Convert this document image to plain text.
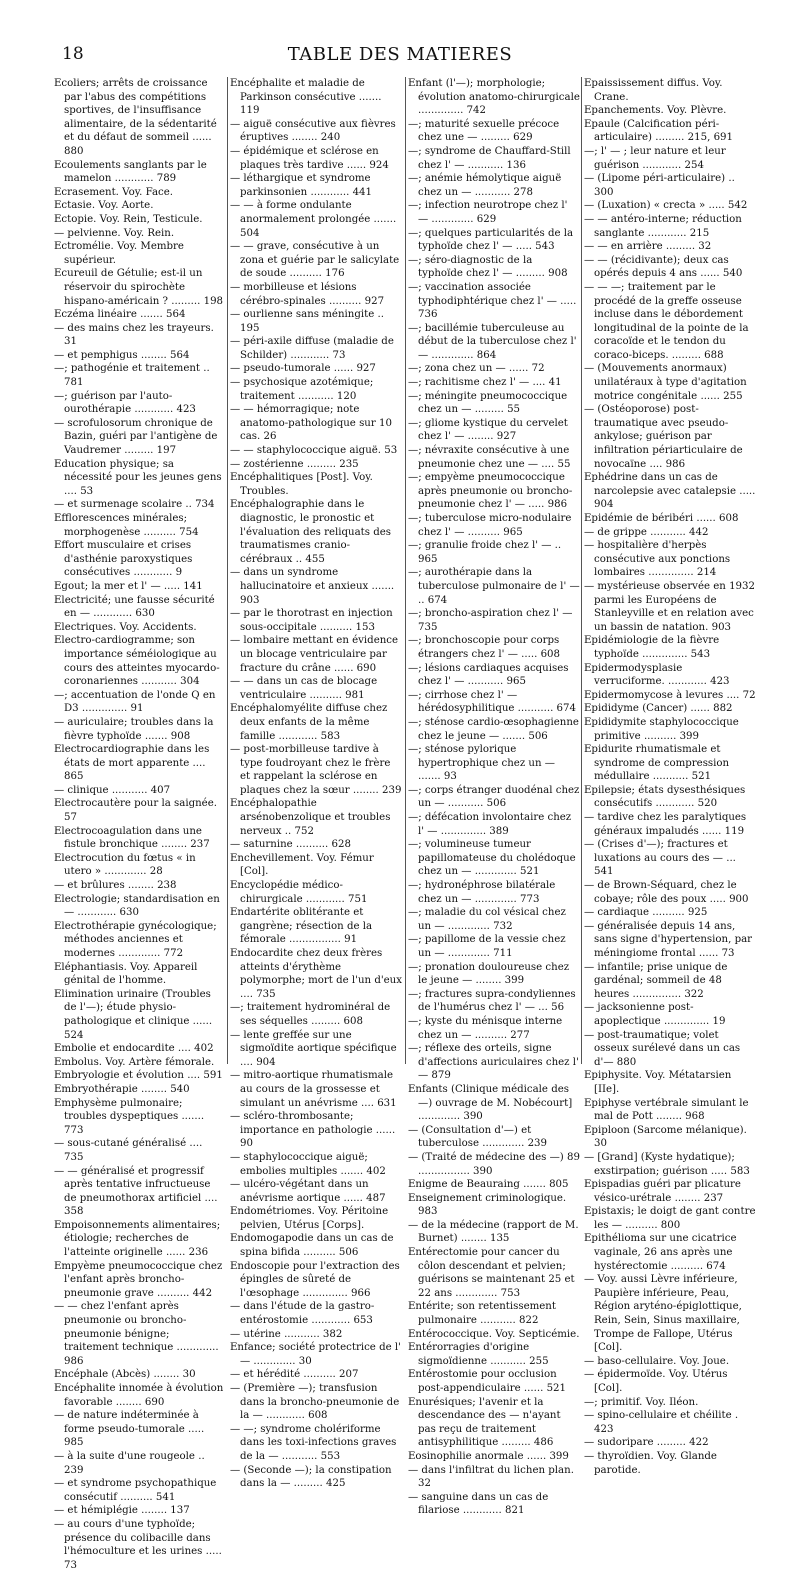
18	TABLE DES MATIERES

Ecoliers; arrêts de croissance par l'abus des compétitions sportives, de l'insuffisance alimentaire, de la sédentarité et du défaut de sommeil ...... 880

Ecoulements sanglants par le mamelon ............ 789

Ecrasement. Voy. Face.

Ectasie. Voy. Aorte.

Ectopie. Voy. Rein, Testicule.

— pelvienne. Voy. Rein.

Ectromélie. Voy. Membre supérieur.

Ecureuil de Gétulie; est-il un réservoir du spirochète hispano-américain ? ......... 198

Eczéma linéaire ....... 564

— des mains chez les trayeurs. 31

— et pemphigus ........ 564

—; pathogénie et traitement .. 781

—; guérison par l'auto-ourothérapie ............ 423

— scrofulosorum chronique de Bazin, guéri par l'antigène de Vaudremer ......... 197

Education physique; sa nécessité pour les jeunes gens .... 53

— et surmenage scolaire .. 734

Efflorescences minérales; morphogenèse .......... 754

Effort musculaire et crises d'asthénie paroxystiques consécutives ............ 9

Egout; la mer et l' — ..... 141

Electricité; une fausse sécurité en — ............ 630

Electriques. Voy. Accidents.

Electro-cardiogramme; son importance séméiologique au cours des atteintes myocardo-coronariennes ........... 304

—; accentuation de l'onde Q en D3 .............. 91

— auriculaire; troubles dans la fièvre typhoïde ....... 908

Electrocardiographie dans les états de mort apparente .... 865

— clinique ........... 407

Electrocautère pour la saignée. 57

Electrocoagulation dans une fistule bronchique ........ 237

Electrocution du fœtus « in utero » ............. 28

— et brûlures ........ 238

Electrologie; standardisation en — ............ 630

Electrothérapie gynécologique; méthodes anciennes et modernes ............. 772

Eléphantiasis. Voy. Appareil génital de l'homme.

Elimination urinaire (Troubles de l'—); étude physio-pathologique et clinique ...... 524

Embolie et endocardite .... 402

Embolus. Voy. Artère fémorale.

Embryologie et évolution .... 591

Embryothérapie ........ 540

Emphysème pulmonaire; troubles dyspeptiques ....... 773

— sous-cutané généralisé .... 735

— — généralisé et progressif après tentative infructueuse de pneumothorax artificiel .... 358

Empoisonnements alimentaires; étiologie; recherches de l'atteinte originelle ...... 236

Empyème pneumococcique chez l'enfant après broncho-pneumonie grave .......... 442

— — chez l'enfant après pneumonie ou broncho-pneumonie bénigne; traitement technique ............. 986

Encéphale (Abcès) ........ 30

Encéphalite innomée à évolution favorable ........ 690

— de nature indéterminée à forme pseudo-tumorale ..... 985

— à la suite d'une rougeole .. 239

— et syndrome psychopathique consécutif .......... 541

— et hémiplégie ........ 137

— au cours d'une typhoïde; présence du colibacille dans l'hémoculture et les urines ..... 73

Encéphalite et maladie de Parkinson consécutive ....... 119

— aiguë consécutive aux fièvres éruptives ........ 240

— épidémique et sclérose en plaques très tardive ...... 924

— léthargique et syndrome parkinsonien ............ 441

— — à forme ondulante anormalement prolongée ....... 504

— — grave, consécutive à un zona et guérie par le salicylate de soude .......... 176

— morbilleuse et lésions cérébro-spinales .......... 927

— ourlienne sans méningite .. 195

— péri-axile diffuse (maladie de Schilder) ............ 73

— pseudo-tumorale ...... 927

— psychosique azotémique; traitement ........... 120

— — hémorragique; note anatomo-pathologique sur 10 cas. 26

— — staphylococcique aiguë. 53

— zostérienne ......... 235

Encéphalitiques [Post]. Voy. Troubles.

Encéphalographie dans le diagnostic, le pronostic et l'évaluation des reliquats des traumatismes cranio-cérébraux .. 455

— dans un syndrome hallucinatoire et anxieux ....... 903

— par le thorotrast en injection sous-occipitale .......... 153

— lombaire mettant en évidence un blocage ventriculaire par fracture du crâne ...... 690

— — dans un cas de blocage ventriculaire .......... 981

Encéphalomyélite diffuse chez deux enfants de la même famille ............ 583

— post-morbilleuse tardive à type foudroyant chez le frère et rappelant la sclérose en plaques chez la sœur ........ 239

Encéphalopathie arsénobenzolique et troubles nerveux .. 752

— saturnine .......... 628

Enchevillement. Voy. Fémur [Col].

Encyclopédie médico-chirurgicale ............ 751

Endartérite oblitérante et gangrène; résection de la fémorale ................ 91

Endocardite chez deux frères atteints d'érythème polymorphe; mort de l'un d'eux .... 735

—; traitement hydrominéral de ses séquelles ......... 608

— lente greffée sur une sigmoïdite aortique spécifique .... 904

— mitro-aortique rhumatismale au cours de la grossesse et simulant un anévrisme .... 631

— scléro-thrombosante; importance en pathologie ...... 90

— staphylococcique aiguë; embolies multiples ....... 402

— ulcéro-végétant dans un anévrisme aortique ...... 487

Endométriomes. Voy. Péritoine pelvien, Utérus [Corps].

Endomogapodie dans un cas de spina bifida .......... 506

Endoscopie pour l'extraction des épingles de sûreté de l'œsophage .............. 966

— dans l'étude de la gastro-entérostomie ............ 653

— utérine ........... 382

Enfance; société protectrice de l' — ............. 30

— et hérédité .......... 207

— (Première —); transfusion dans la broncho-pneumonie de la — ............ 608

— —; syndrome cholériforme dans les toxi-infections graves de la — ........... 553

— (Seconde —); la constipation dans la — ......... 425

Enfant (l'—); morphologie; évolution anatomo-chirurgicale .............. 742

—; maturité sexuelle précoce chez une — ......... 629

—; syndrome de Chauffard-Still chez l' — ........... 136

—; anémie hémolytique aiguë chez un — ........... 278

—; infection neurotrope chez l' — ............. 629

—; quelques particularités de la typhoïde chez l' — ..... 543

—; séro-diagnostic de la typhoïde chez l' — ......... 908

—; vaccination associée typhodiphtérique chez l' — ..... 736

—; bacillémie tuberculeuse au début de la tuberculose chez l' — ............. 864

—; zona chez un — ...... 72

—; rachitisme chez l' — .... 41

—; méningite pneumococcique chez un — ......... 55

—; gliome kystique du cervelet chez l' — ........ 927

—; névraxite consécutive à une pneumonie chez une — .... 55

—; empyème pneumococcique après pneumonie ou broncho-pneumonie chez l' — ..... 986

—; tuberculose micro-nodulaire chez l' — .......... 965

—; granulie froide chez l' — .. 965

—; aurothérapie dans la tuberculose pulmonaire de l' — .. 674

—; broncho-aspiration chez l' — 735

—; bronchoscopie pour corps étrangers chez l' — ..... 608

—; lésions cardiaques acquises chez l' — ........... 965

—; cirrhose chez l' — hérédosyphilitique ........... 674

—; sténose cardio-œsophagienne chez le jeune — ....... 506

—; sténose pylorique hypertrophique chez un — ....... 93

—; corps étranger duodénal chez un — ........... 506

—; défécation involontaire chez l' — .............. 389

—; volumineuse tumeur papillomateuse du cholédoque chez un — ............. 521

—; hydronéphrose bilatérale chez un — ............. 773

—; maladie du col vésical chez un — ............. 732

—; papillome de la vessie chez un — ............. 711

—; pronation douloureuse chez le jeune — ........ 399

—; fractures supra-condyliennes de l'humérus chez l' — ... 56

—; kyste du ménisque interne chez un — .......... 277

—; réflexe des orteils, signe d'affections auriculaires chez l' — 879

Enfants (Clinique médicale des —) ouvrage de M. Nobécourt] ............. 390

— (Consultation d'—) et tuberculose ............. 239

— (Traité de médecine des —) 89 ................ 390

Enigme de Beauraing ....... 805

Enseignement criminologique. 983

— de la médecine (rapport de M. Burnet) ........ 135

Entérectomie pour cancer du côlon descendant et pelvien; guérisons se maintenant 25 et 22 ans ............. 753

Entérite; son retentissement pulmonaire ........... 822

Entérococcique. Voy. Septicémie.

Entérorragies d'origine sigmoïdienne ........... 255

Entérostomie pour occlusion post-appendiculaire ...... 521

Enurésiques; l'avenir et la descendance des — n'ayant pas reçu de traitement antisyphilitique ......... 486

Eosinophilie anormale ...... 399

— dans l'infiltrat du lichen plan. 32

— sanguine dans un cas de filariose ............ 821

Epaississement diffus. Voy. Crane.

Epanchements. Voy. Plèvre.

Epaule (Calcification péri-articulaire) ......... 215, 691

—; l' — ; leur nature et leur guérison ............ 254

— (Lipome péri-articulaire) .. 300

— (Luxation) « crecta » ..... 542

— — antéro-interne; réduction sanglante ............ 215

— — en arrière ......... 32

— — (récidivante); deux cas opérés depuis 4 ans ...... 540

— — —; traitement par le procédé de la greffe osseuse incluse dans le débordement longitudinal de la pointe de la coracoïde et le tendon du coraco-biceps. ......... 688

— (Mouvements anormaux) unilatéraux à type d'agitation motrice congénitale ...... 255

— (Ostéoporose) post-traumatique avec pseudo-ankylose; guérison par infiltration périarticulaire de novocaïne .... 986

Ephédrine dans un cas de narcolepsie avec catalepsie ..... 904

Epidémie de béribéri ...... 608

— de grippe ........... 442

— hospitalière d'herpès consécutive aux ponctions lombaires .............. 214

— mystérieuse observée en 1932 parmi les Européens de Stanleyville et en relation avec un bassin de natation. 903

Epidémiologie de la fièvre typhoïde .............. 543

Epidermodysplasie verruciforme. ............ 423

Epidermomycose à levures .... 72

Epididyme (Cancer) ...... 882

Epididymite staphylococcique primitive .......... 399

Epidurite rhumatismale et syndrome de compression médullaire ........... 521

Epilepsie; états dysesthésiques consécutifs ............ 520

— tardive chez les paralytiques généraux impaludés ...... 119

— (Crises d'—); fractures et luxations au cours des — ... 541

— de Brown-Séquard, chez le cobaye; rôle des poux ..... 900

— cardiaque .......... 925

— généralisée depuis 14 ans, sans signe d'hypertension, par méningiome frontal ...... 73

— infantile; prise unique de gardénal; sommeil de 48 heures ............... 322

— jacksonienne post-apoplectique .............. 19

— post-traumatique; volet osseux surélevé dans un cas d'— 880

Epiphysite. Voy. Métatarsien [IIe].

Epiphyse vertébrale simulant le mal de Pott ........ 968

Epiploon (Sarcome mélanique). 30

— [Grand] (Kyste hydatique); exstirpation; guérison ..... 583

Epispadias guéri par plicature vésico-urétrale ........ 237

Epistaxis; le doigt de gant contre les — .......... 800

Epithélioma sur une cicatrice vaginale, 26 ans après une hystérectomie .......... 674

— Voy. aussi Lèvre inférieure, Paupière inférieure, Peau, Région aryténo-épiglottique, Rein, Sein, Sinus maxillaire, Trompe de Fallope, Utérus [Col].

— baso-cellulaire. Voy. Joue.

— épidermoïde. Voy. Utérus [Col].

—; primitif. Voy. Iléon.

— spino-cellulaire et chéilite . 423

— sudoripare ......... 422

— thyroïdien. Voy. Glande parotide.
